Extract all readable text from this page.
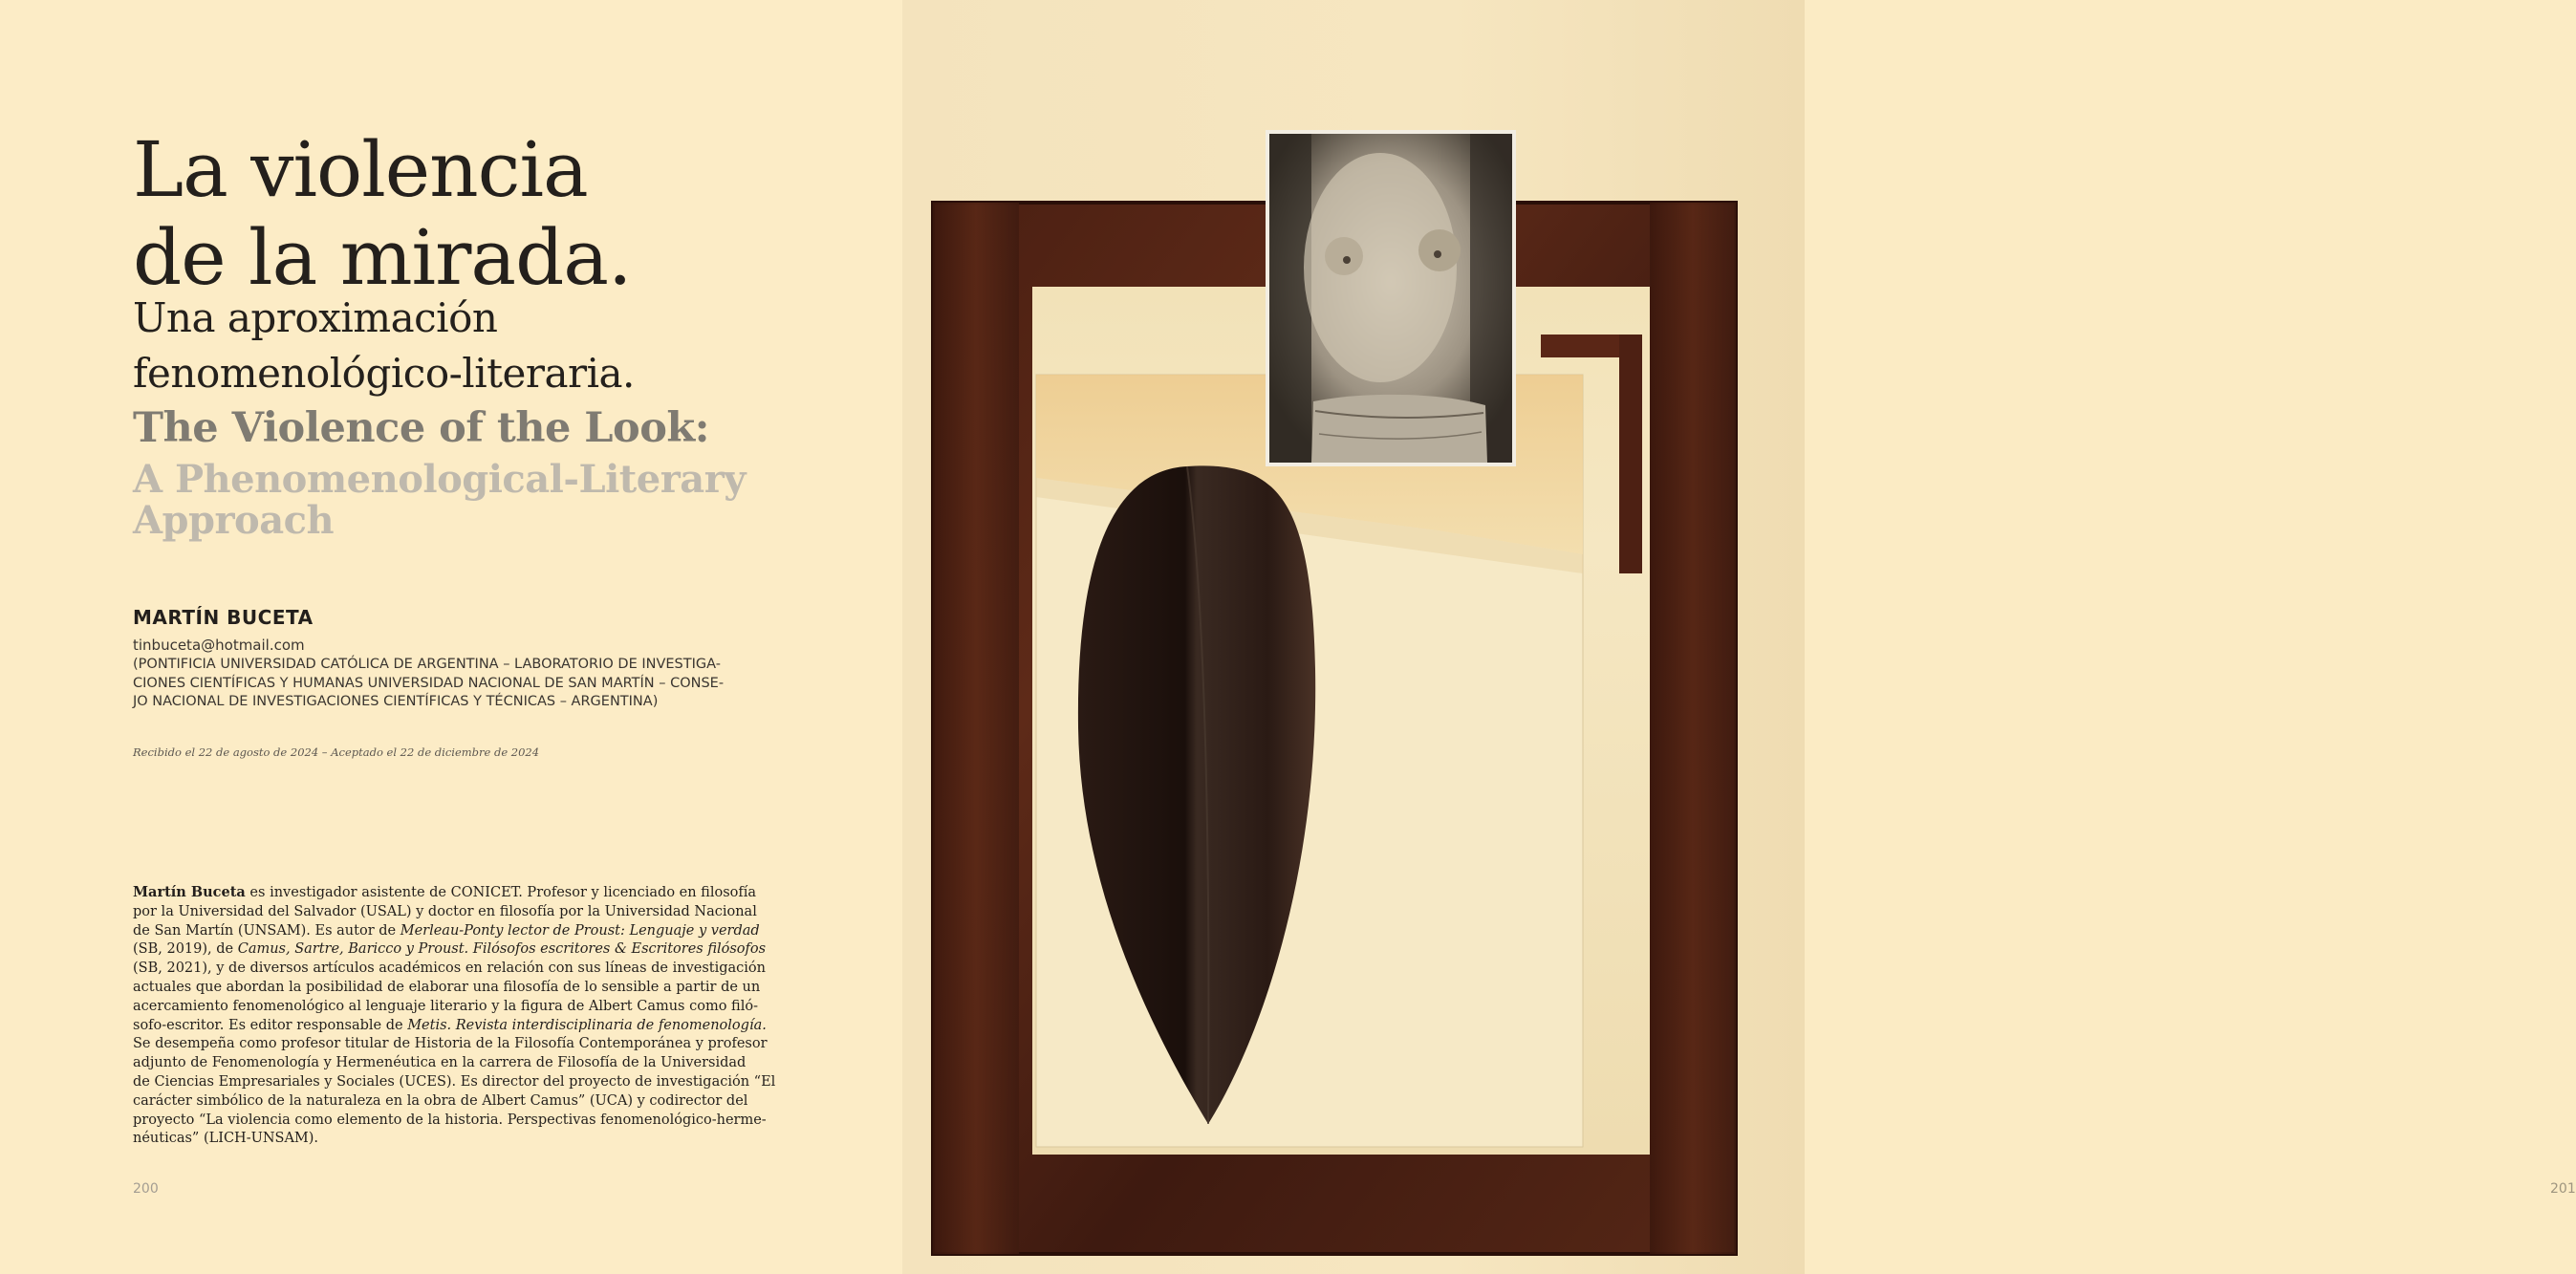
La violencia
de la mirada.
Una aproximación
fenomenológico-literaria.
The Violence of the Look:
A Phenomenological-Literary
Approach
MARTÍN BUCETA
tinbuceta@hotmail.com
(PONTIFICIA UNIVERSIDAD CATÓLICA DE ARGENTINA – LABORATORIO DE INVESTIGA-
CIONES CIENTÍFICAS Y HUMANAS UNIVERSIDAD NACIONAL DE SAN MARTÍN – CONSE-
JO NACIONAL DE INVESTIGACIONES CIENTÍFICAS Y TÉCNICAS – ARGENTINA)
Recibido el 22 de agosto de 2024 – Aceptado el 22 de diciembre de 2024
Martín Buceta es investigador asistente de CONICET. Profesor y licenciado en filosofía
por la Universidad del Salvador (USAL) y doctor en filosofía por la Universidad Nacional
de San Martín (UNSAM). Es autor de Merleau-Ponty lector de Proust: Lenguaje y verdad
(SB, 2019), de Camus, Sartre, Baricco y Proust. Filósofos escritores & Escritores filósofos
(SB, 2021), y de diversos artículos académicos en relación con sus líneas de investigación
actuales que abordan la posibilidad de elaborar una filosofía de lo sensible a partir de un
acercamiento fenomenológico al lenguaje literario y la figura de Albert Camus como filó-
sofo-escritor. Es editor responsable de Metis. Revista interdisciplinaria de fenomenología.
Se desempeña como profesor titular de Historia de la Filosofía Contemporánea y profesor
adjunto de Fenomenología y Hermenéutica en la carrera de Filosofía de la Universidad
de Ciencias Empresariales y Sociales (UCES). Es director del proyecto de investigación “El
carácter simbólico de la naturaleza en la obra de Albert Camus” (UCA) y codirector del
proyecto “La violencia como elemento de la historia. Perspectivas fenomenológico-herme-
néuticas” (LICH-UNSAM).
200	201
